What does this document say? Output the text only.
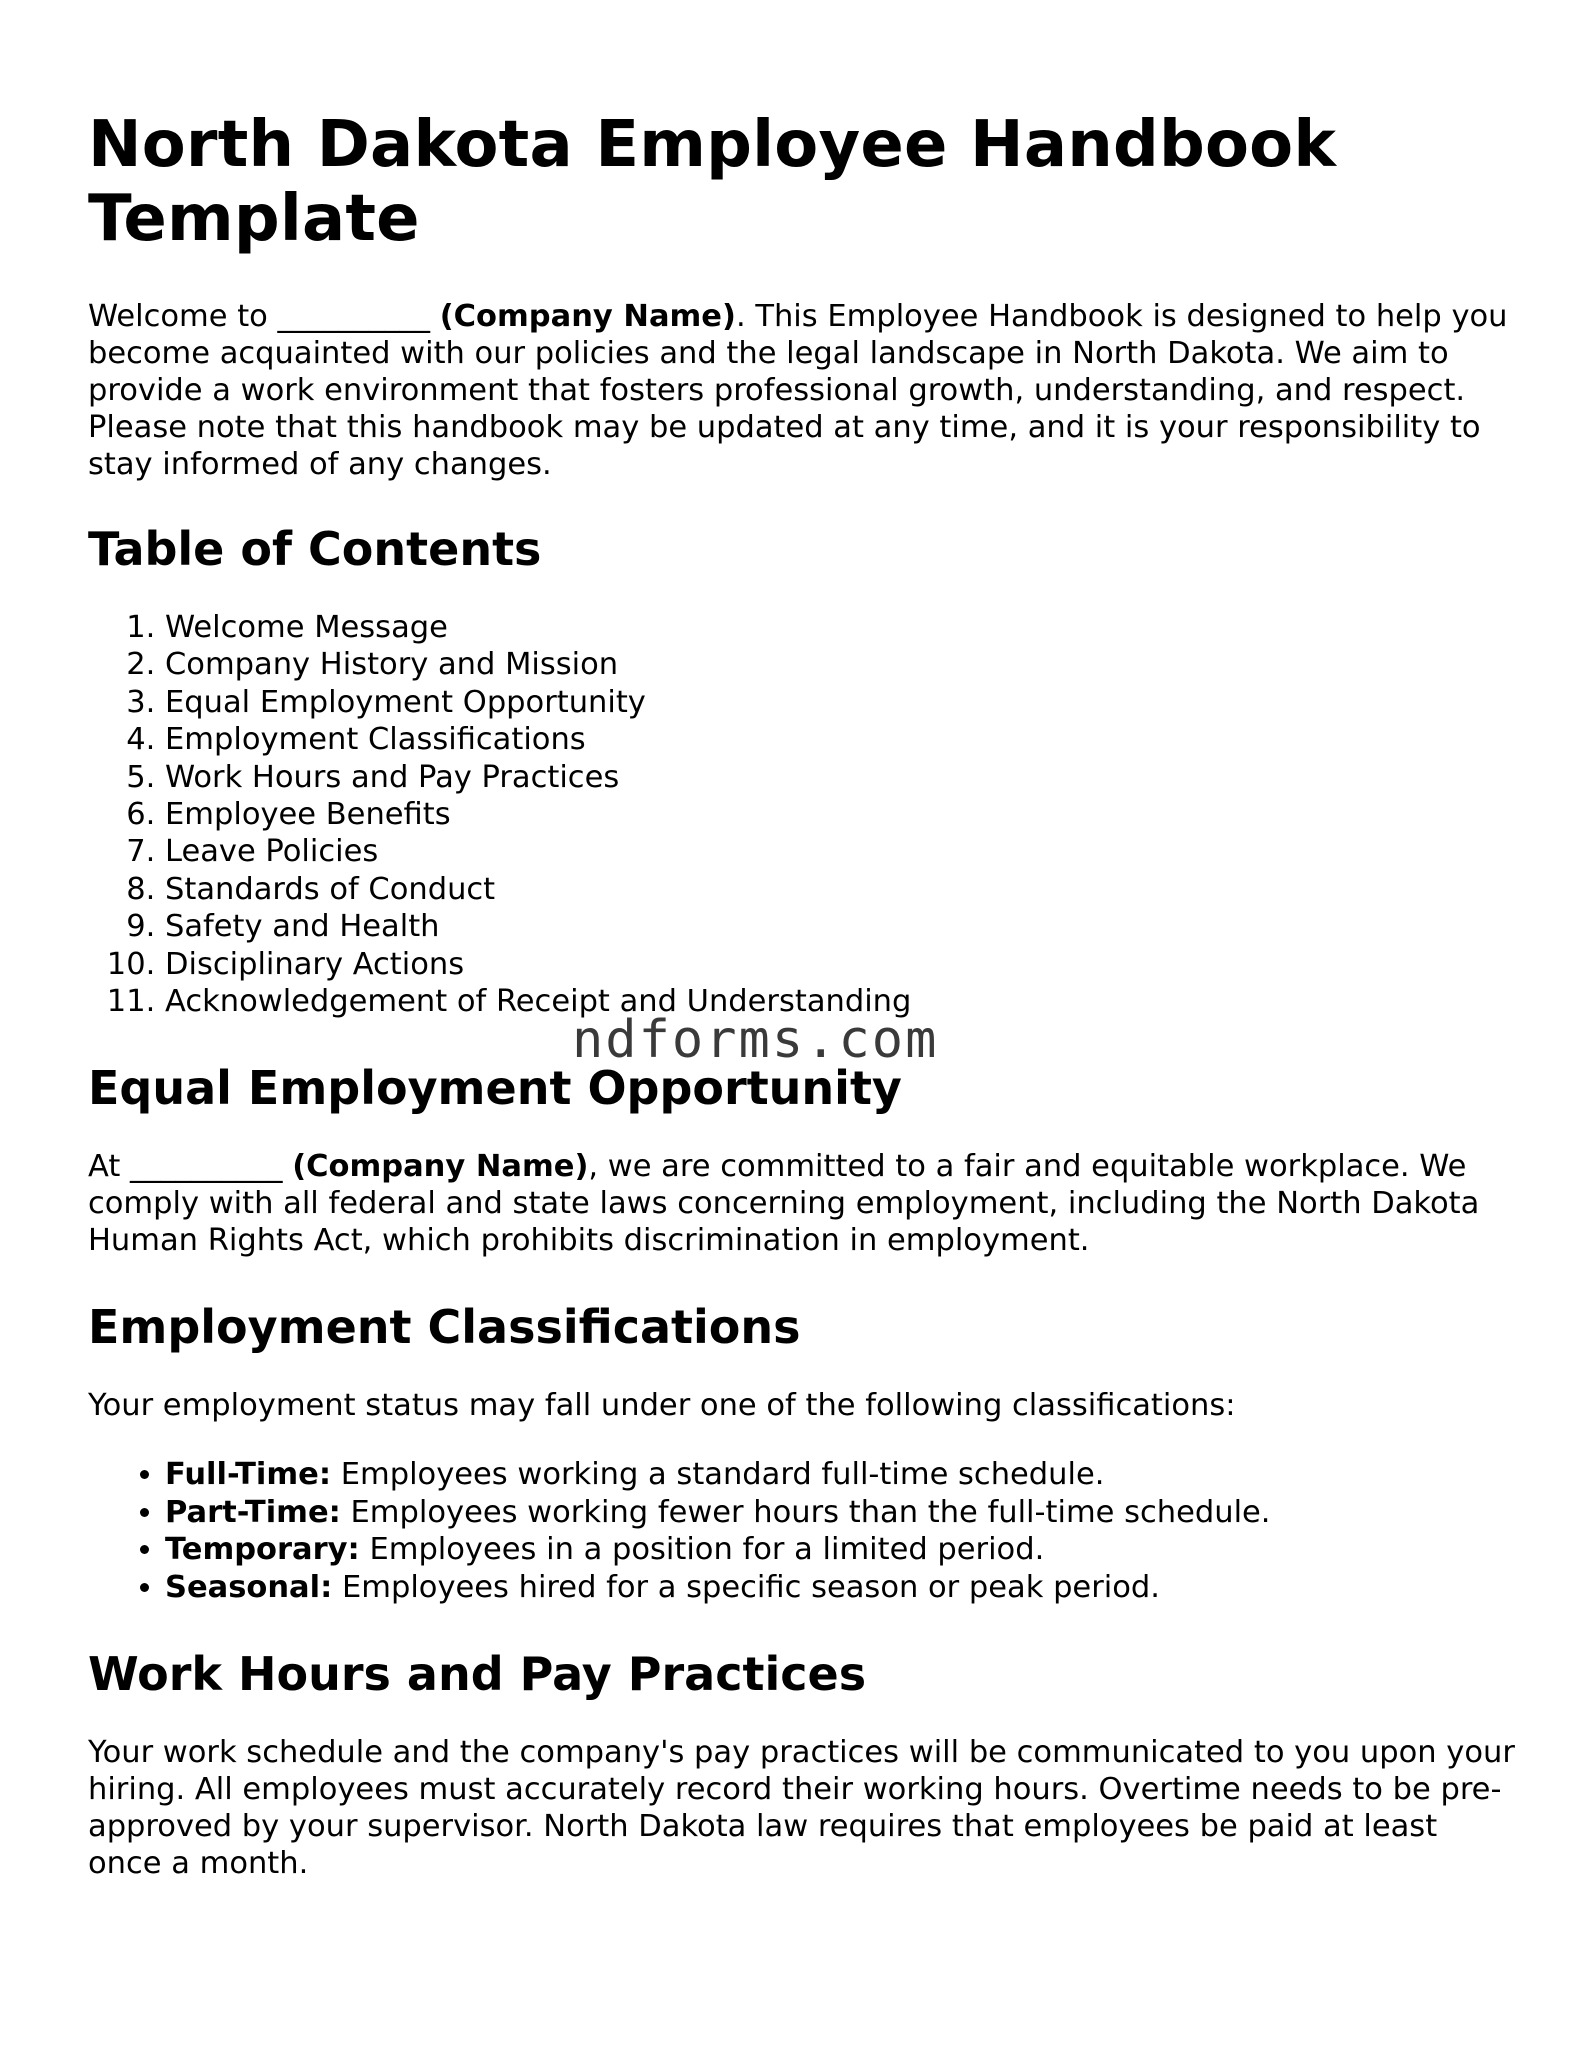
North Dakota Employee Handbook Template

Welcome to __________ (Company Name). This Employee Handbook is designed to help you become acquainted with our policies and the legal landscape in North Dakota. We aim to provide a work environment that fosters professional growth, understanding, and respect. Please note that this handbook may be updated at any time, and it is your responsibility to stay informed of any changes.

Table of Contents
1. Welcome Message
2. Company History and Mission
3. Equal Employment Opportunity
4. Employment Classifications
5. Work Hours and Pay Practices
6. Employee Benefits
7. Leave Policies
8. Standards of Conduct
9. Safety and Health
10. Disciplinary Actions
11. Acknowledgement of Receipt and Understanding
Equal Employment Opportunity

At __________ (Company Name), we are committed to a fair and equitable workplace. We comply with all federal and state laws concerning employment, including the North Dakota Human Rights Act, which prohibits discrimination in employment.

Employment Classifications

Your employment status may fall under one of the following classifications:

• Full-Time: Employees working a standard full-time schedule.
• Part-Time: Employees working fewer hours than the full-time schedule.
• Temporary: Employees in a position for a limited period.
• Seasonal: Employees hired for a specific season or peak period.
Work Hours and Pay Practices

Your work schedule and the company's pay practices will be communicated to you upon your hiring. All employees must accurately record their working hours. Overtime needs to be pre-approved by your supervisor. North Dakota law requires that employees be paid at least once a month.

ndforms.com
